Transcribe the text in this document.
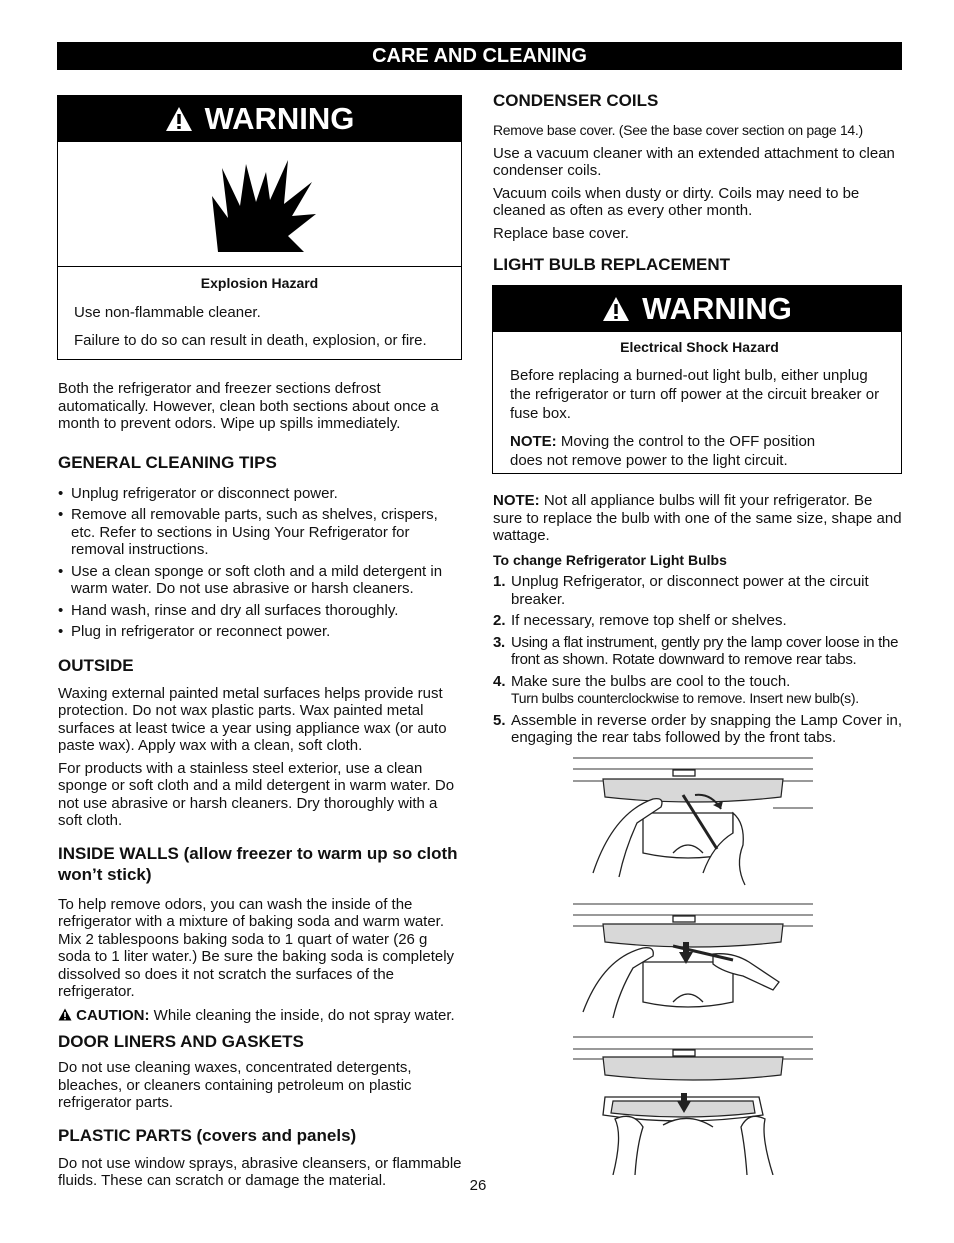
CARE AND CLEANING
WARNING

Explosion Hazard

Use non-flammable cleaner.

Failure to do so can result in death, explosion, or fire.

Both the refrigerator and freezer sections defrost automatically. However, clean both sections about once a month to prevent odors. Wipe up spills immediately.

GENERAL CLEANING TIPS

• Unplug refrigerator or disconnect power.
• Remove all removable parts, such as shelves, crispers, etc. Refer to sections in Using Your Refrigerator for removal instructions.
• Use a clean sponge or soft cloth and a mild detergent in warm water. Do not use abrasive or harsh cleaners.
• Hand wash, rinse and dry all surfaces thoroughly.
• Plug in refrigerator or reconnect power.

OUTSIDE

Waxing external painted metal surfaces helps provide rust protection. Do not wax plastic parts. Wax painted metal surfaces at least twice a year using appliance wax (or auto paste wax). Apply wax with a clean, soft cloth.

For products with a stainless steel exterior, use a clean sponge or soft cloth and a mild detergent in warm water. Do not use abrasive or harsh cleaners. Dry thoroughly with a soft cloth.

INSIDE WALLS (allow freezer to warm up so cloth won’t stick)

To help remove odors, you can wash the inside of the refrigerator with a mixture of baking soda and warm water. Mix 2 tablespoons baking soda to 1 quart of water (26 g soda to 1 liter water.) Be sure the baking soda is completely dissolved so does it not scratch the surfaces of the refrigerator.

CAUTION: While cleaning the inside, do not spray water.

DOOR LINERS AND GASKETS

Do not use cleaning waxes, concentrated detergents, bleaches, or cleaners containing petroleum on plastic refrigerator parts.

PLASTIC PARTS (covers and panels)

Do not use window sprays, abrasive cleansers, or flammable fluids. These can scratch or damage the material.

CONDENSER COILS

Remove base cover. (See the base cover section on page 14.)

Use a vacuum cleaner with an extended attachment to clean condenser coils.

Vacuum coils when dusty or dirty. Coils may need to be cleaned as often as every other month.

Replace base cover.

LIGHT BULB REPLACEMENT

WARNING

Electrical Shock Hazard

Before replacing a burned-out light bulb, either unplug the refrigerator or turn off power at the circuit breaker or fuse box.

NOTE: Moving the control to the OFF position does not remove power to the light circuit.

NOTE: Not all appliance bulbs will fit your refrigerator. Be sure to replace the bulb with one of the same size, shape and wattage.

To change Refrigerator Light Bulbs

1. Unplug Refrigerator, or disconnect power at the circuit breaker.
2. If necessary, remove top shelf or shelves.
3. Using a flat instrument, gently pry the lamp cover loose in the front as shown. Rotate downward to remove rear tabs.
4. Make sure the bulbs are cool to the touch.
Turn bulbs counterclockwise to remove. Insert new bulb(s).
5. Assemble in reverse order by snapping the Lamp Cover in, engaging the rear tabs followed by the front tabs.
26
